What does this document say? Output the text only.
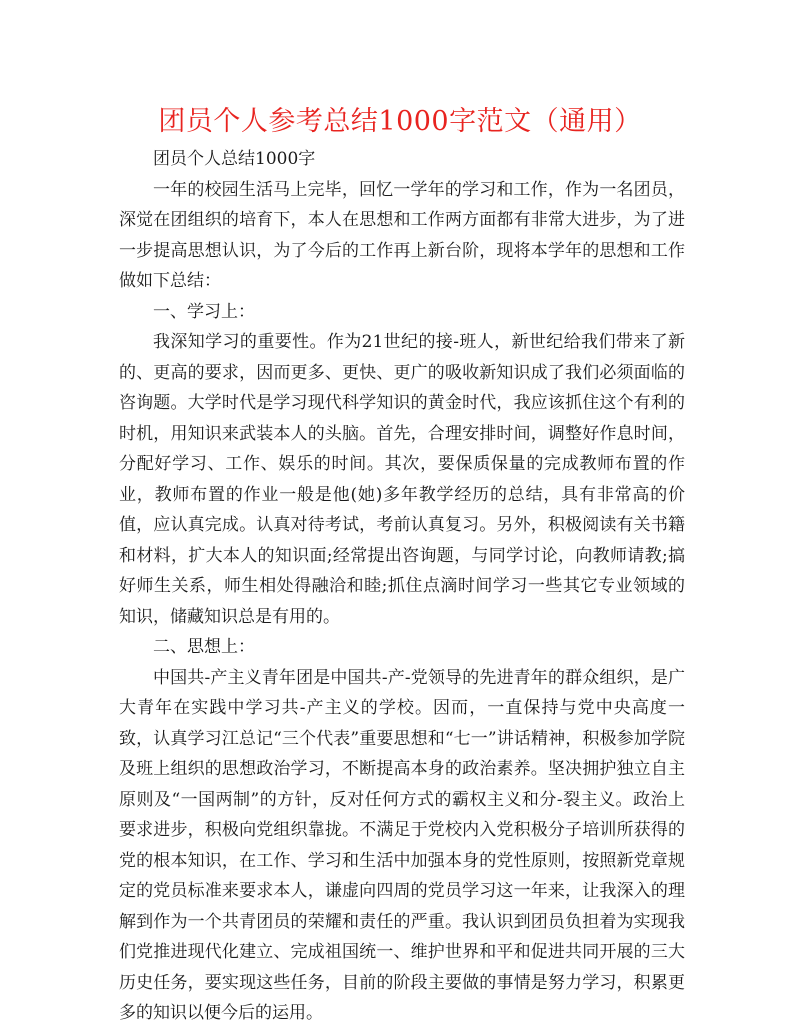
团员个人参考总结1000字范文（通用）

团员个人总结1000字

一年的校园生活马上完毕，回忆一学年的学习和工作，作为一名团员，深觉在团组织的培育下，本人在思想和工作两方面都有非常大进步，为了进一步提高思想认识，为了今后的工作再上新台阶，现将本学年的思想和工作做如下总结：

一、学习上：

我深知学习的重要性。作为21世纪的接-班人，新世纪给我们带来了新的、更高的要求，因而更多、更快、更广的吸收新知识成了我们必须面临的咨询题。大学时代是学习现代科学知识的黄金时代，我应该抓住这个有利的时机，用知识来武装本人的头脑。首先，合理安排时间，调整好作息时间，分配好学习、工作、娱乐的时间。其次，要保质保量的完成教师布置的作业，教师布置的作业一般是他(她)多年教学经历的总结，具有非常高的价值，应认真完成。认真对待考试，考前认真复习。另外，积极阅读有关书籍和材料，扩大本人的知识面;经常提出咨询题，与同学讨论，向教师请教;搞好师生关系，师生相处得融洽和睦;抓住点滴时间学习一些其它专业领域的知识，储藏知识总是有用的。

二、思想上：

中国共-产主义青年团是中国共-产-党领导的先进青年的群众组织，是广大青年在实践中学习共-产主义的学校。因而，一直保持与党中央高度一致，认真学习江总记“三个代表”重要思想和“七一”讲话精神，积极参加学院及班上组织的思想政治学习，不断提高本身的政治素养。坚决拥护独立自主原则及“一国两制”的方针，反对任何方式的霸权主义和分-裂主义。政治上要求进步，积极向党组织靠拢。不满足于党校内入党积极分子培训所获得的党的根本知识，在工作、学习和生活中加强本身的党性原则，按照新党章规定的党员标准来要求本人，谦虚向四周的党员学习这一年来，让我深入的理解到作为一个共青团员的荣耀和责任的严重。我认识到团员负担着为实现我们党推进现代化建立、完成祖国统一、维护世界和平和促进共同开展的三大历史任务，要实现这些任务，目前的阶段主要做的事情是努力学习，积累更多的知识以便今后的运用。
